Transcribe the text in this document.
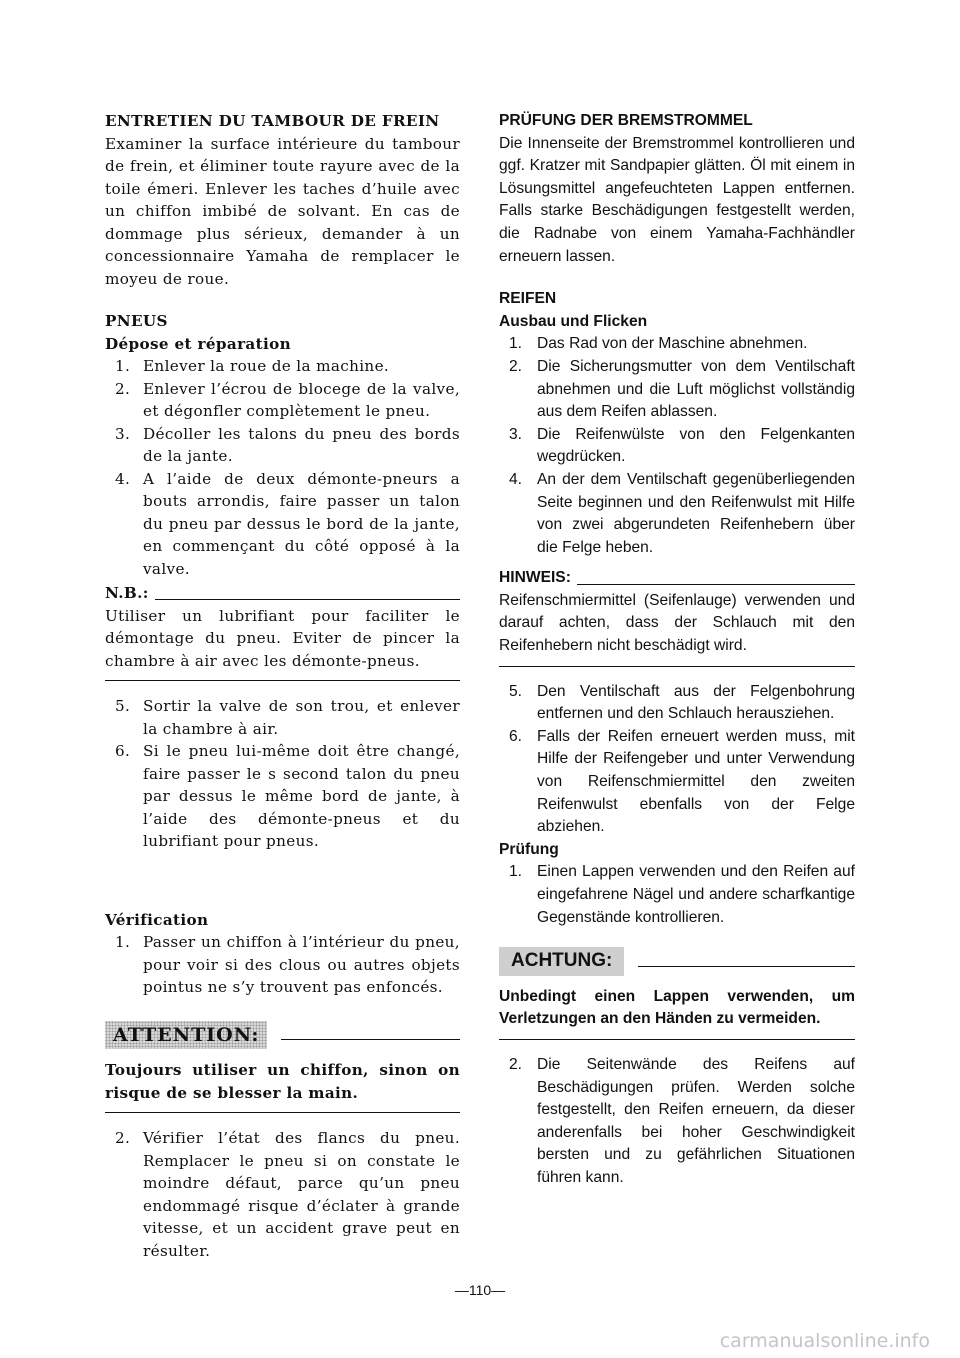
ENTRETIEN DU TAMBOUR DE FREIN

Examiner la surface intérieure du tambour de frein, et éliminer toute rayure avec de la toile émeri. Enlever les taches d’huile avec un chiffon imbibé de solvant. En cas de dommage plus sérieux, demander à un concessionnaire Yamaha de remplacer le moyeu de roue.

PNEUS

Dépose et réparation

1. Enlever la roue de la machine.
2. Enlever l’écrou de blocege de la valve, et dégonfler complètement le pneu.
3. Décoller les talons du pneu des bords de la jante.
4. A l’aide de deux démonte-pneurs a bouts arrondis, faire passer un talon du pneu par dessus le bord de la jante, en commençant du côté opposé à la valve.
N.B.:

Utiliser un lubrifiant pour faciliter le démontage du pneu. Eviter de pincer la chambre à air avec les démonte-pneus.

5. Sortir la valve de son trou, et enlever la chambre à air.
6. Si le pneu lui-même doit être changé, faire passer le s second talon du pneu par dessus le même bord de jante, à l’aide des démonte-pneus et du lubrifiant pour pneus.

Vérification

1. Passer un chiffon à l’intérieur du pneu, pour voir si des clous ou autres objets pointus ne s’y trouvent pas enfoncés.
ATTENTION:

Toujours utiliser un chiffon, sinon on risque de se blesser la main.

2. Vérifier l’état des flancs du pneu. Remplacer le pneu si on constate le moindre défaut, parce qu’un pneu endommagé risque d’éclater à grande vitesse, et un accident grave peut en résulter.

PRÜFUNG DER BREMSTROMMEL

Die Innenseite der Bremstrommel kontrollieren und ggf. Kratzer mit Sandpapier glätten. Öl mit einem in Lösungsmittel angefeuchteten Lappen entfernen. Falls starke Beschädigungen festgestellt werden, die Radnabe von einem Yamaha-Fachhändler erneuern lassen.

REIFEN

Ausbau und Flicken

1. Das Rad von der Maschine abnehmen.
2. Die Sicherungsmutter von dem Ventilschaft abnehmen und die Luft möglichst vollständig aus dem Reifen ablassen.
3. Die Reifenwülste von den Felgenkanten wegdrücken.
4. An der dem Ventilschaft gegenüberliegenden Seite beginnen und den Reifenwulst mit Hilfe von zwei abgerundeten Reifenhebern über die Felge heben.
HINWEIS:

Reifenschmiermittel (Seifenlauge) verwenden und darauf achten, dass der Schlauch mit den Reifenhebern nicht beschädigt wird.

5. Den Ventilschaft aus der Felgenbohrung entfernen und den Schlauch herausziehen.
6. Falls der Reifen erneuert werden muss, mit Hilfe der Reifengeber und unter Verwendung von Reifenschmiermittel den zweiten Reifenwulst ebenfalls von der Felge abziehen.

Prüfung

1. Einen Lappen verwenden und den Reifen auf eingefahrene Nägel und andere scharfkantige Gegenstände kontrollieren.
ACHTUNG:

Unbedingt einen Lappen verwenden, um Verletzungen an den Händen zu vermeiden.

2. Die Seitenwände des Reifens auf Beschädigungen prüfen. Werden solche festgestellt, den Reifen erneuern, da dieser anderenfalls bei hoher Geschwindigkeit bersten und zu gefährlichen Situationen führen kann.
—110—
carmanualsonline.info
